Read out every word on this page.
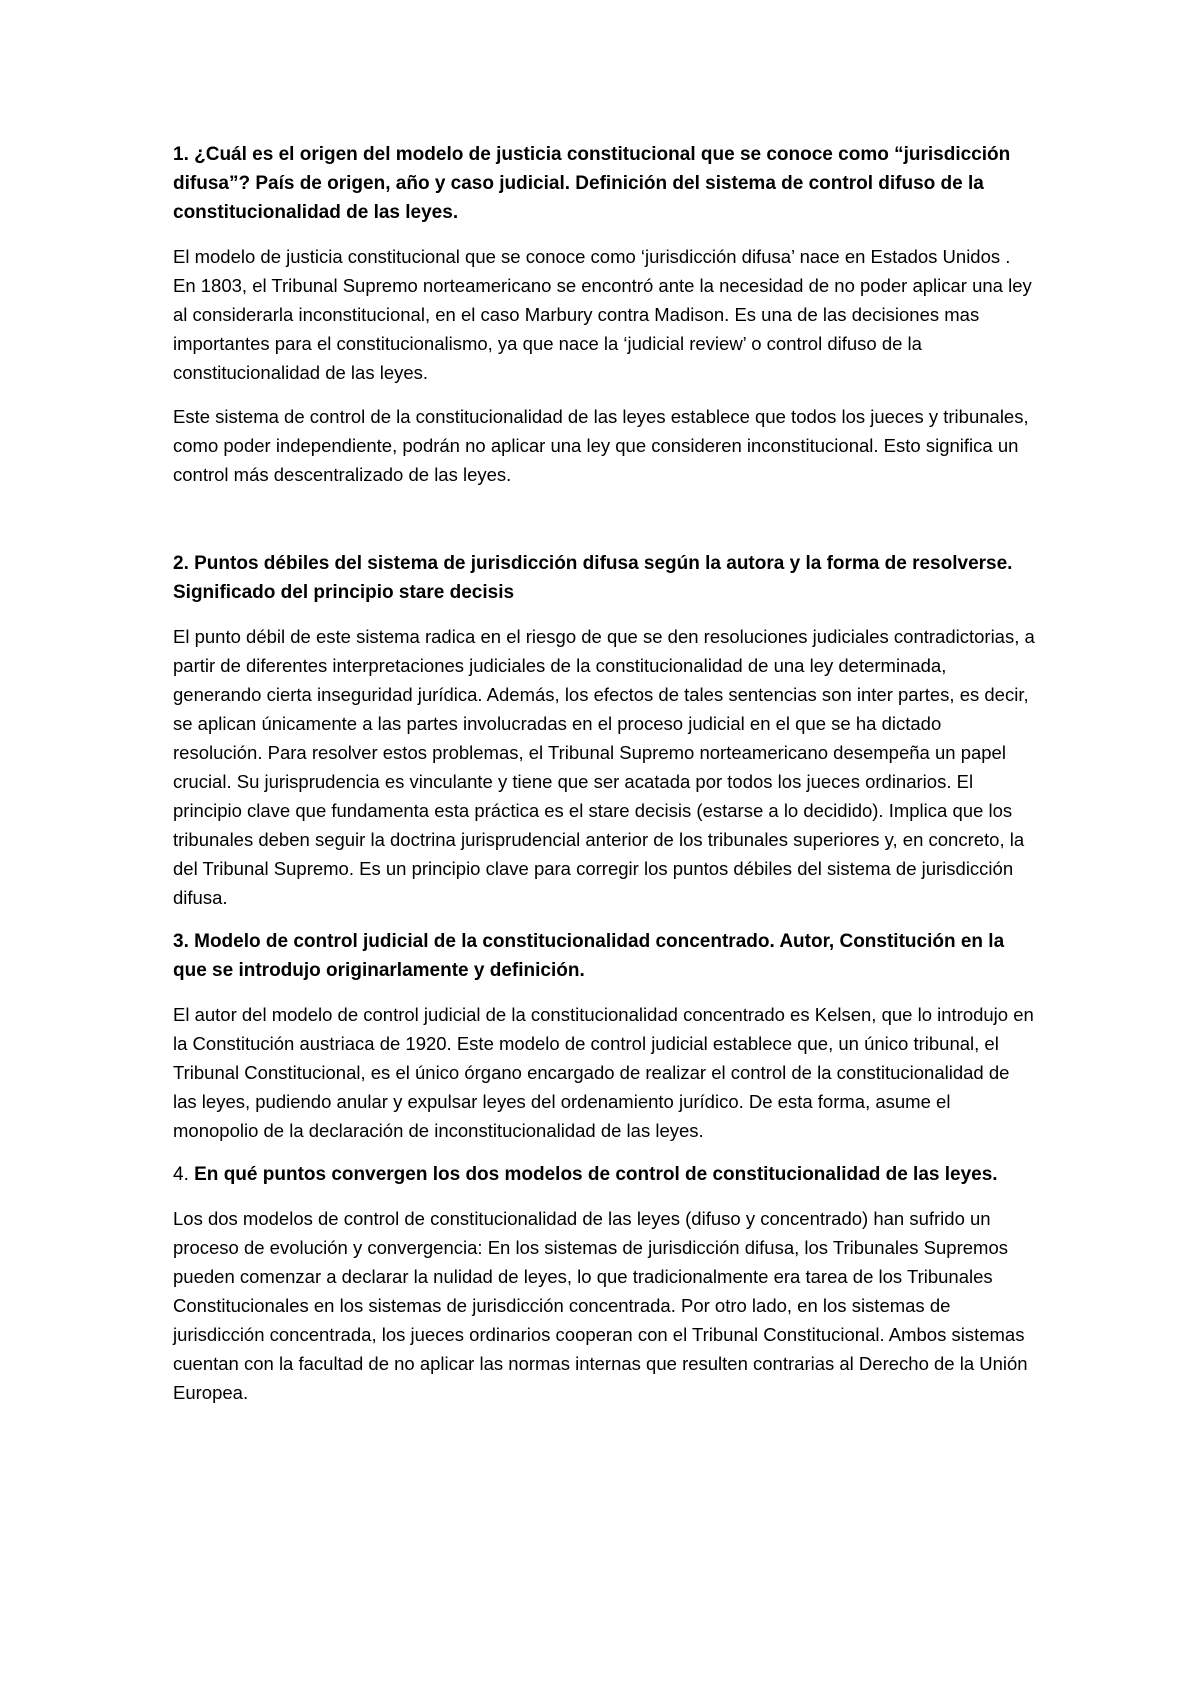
1. ¿Cuál es el origen del modelo de justicia constitucional que se conoce como “jurisdicción difusa”? País de origen, año y caso judicial. Definición del sistema de control difuso de la constitucionalidad de las leyes.

El modelo de justicia constitucional que se conoce como ‘jurisdicción difusa’ nace en Estados Unidos . En 1803, el Tribunal Supremo norteamericano se encontró ante la necesidad de no poder aplicar una ley al considerarla inconstitucional, en el caso Marbury contra Madison. Es una de las decisiones mas importantes para el constitucionalismo, ya que nace la ‘judicial review’ o control difuso de la constitucionalidad de las leyes.

Este sistema de control de la constitucionalidad de las leyes establece que todos los jueces y tribunales, como poder independiente, podrán no aplicar una ley que consideren inconstitucional. Esto significa un control más descentralizado de las leyes.

2. Puntos débiles del sistema de jurisdicción difusa según la autora y la forma de resolverse. Significado del principio stare decisis

El punto débil de este sistema radica en el riesgo de que se den resoluciones judiciales contradictorias, a partir de diferentes interpretaciones judiciales de la constitucionalidad de una ley determinada, generando cierta inseguridad jurídica. Además, los efectos de tales sentencias son inter partes, es decir, se aplican únicamente a las partes involucradas en el proceso judicial en el que se ha dictado resolución. Para resolver estos problemas, el Tribunal Supremo norteamericano desempeña un papel crucial. Su jurisprudencia es vinculante y tiene que ser acatada por todos los jueces ordinarios. El principio clave que fundamenta esta práctica es el stare decisis (estarse a lo decidido). Implica que los tribunales deben seguir la doctrina jurisprudencial anterior de los tribunales superiores y, en concreto, la del Tribunal Supremo. Es un principio clave para corregir los puntos débiles del sistema de jurisdicción difusa.

3. Modelo de control judicial de la constitucionalidad concentrado. Autor, Constitución en la que se introdujo originarlamente y definición.

El autor del modelo de control judicial de la constitucionalidad concentrado es Kelsen, que lo introdujo en la Constitución austriaca de 1920. Este modelo de control judicial establece que, un único tribunal, el Tribunal Constitucional, es el único órgano encargado de realizar el control de la constitucionalidad de las leyes, pudiendo anular y expulsar leyes del ordenamiento jurídico. De esta forma, asume el monopolio de la declaración de inconstitucionalidad de las leyes.

4. En qué puntos convergen los dos modelos de control de constitucionalidad de las leyes.

Los dos modelos de control de constitucionalidad de las leyes (difuso y concentrado) han sufrido un proceso de evolución y convergencia: En los sistemas de jurisdicción difusa, los Tribunales Supremos pueden comenzar a declarar la nulidad de leyes, lo que tradicionalmente era tarea de los Tribunales Constitucionales en los sistemas de jurisdicción concentrada. Por otro lado, en los sistemas de jurisdicción concentrada, los jueces ordinarios cooperan con el Tribunal Constitucional. Ambos sistemas cuentan con la facultad de no aplicar las normas internas que resulten contrarias al Derecho de la Unión Europea.
